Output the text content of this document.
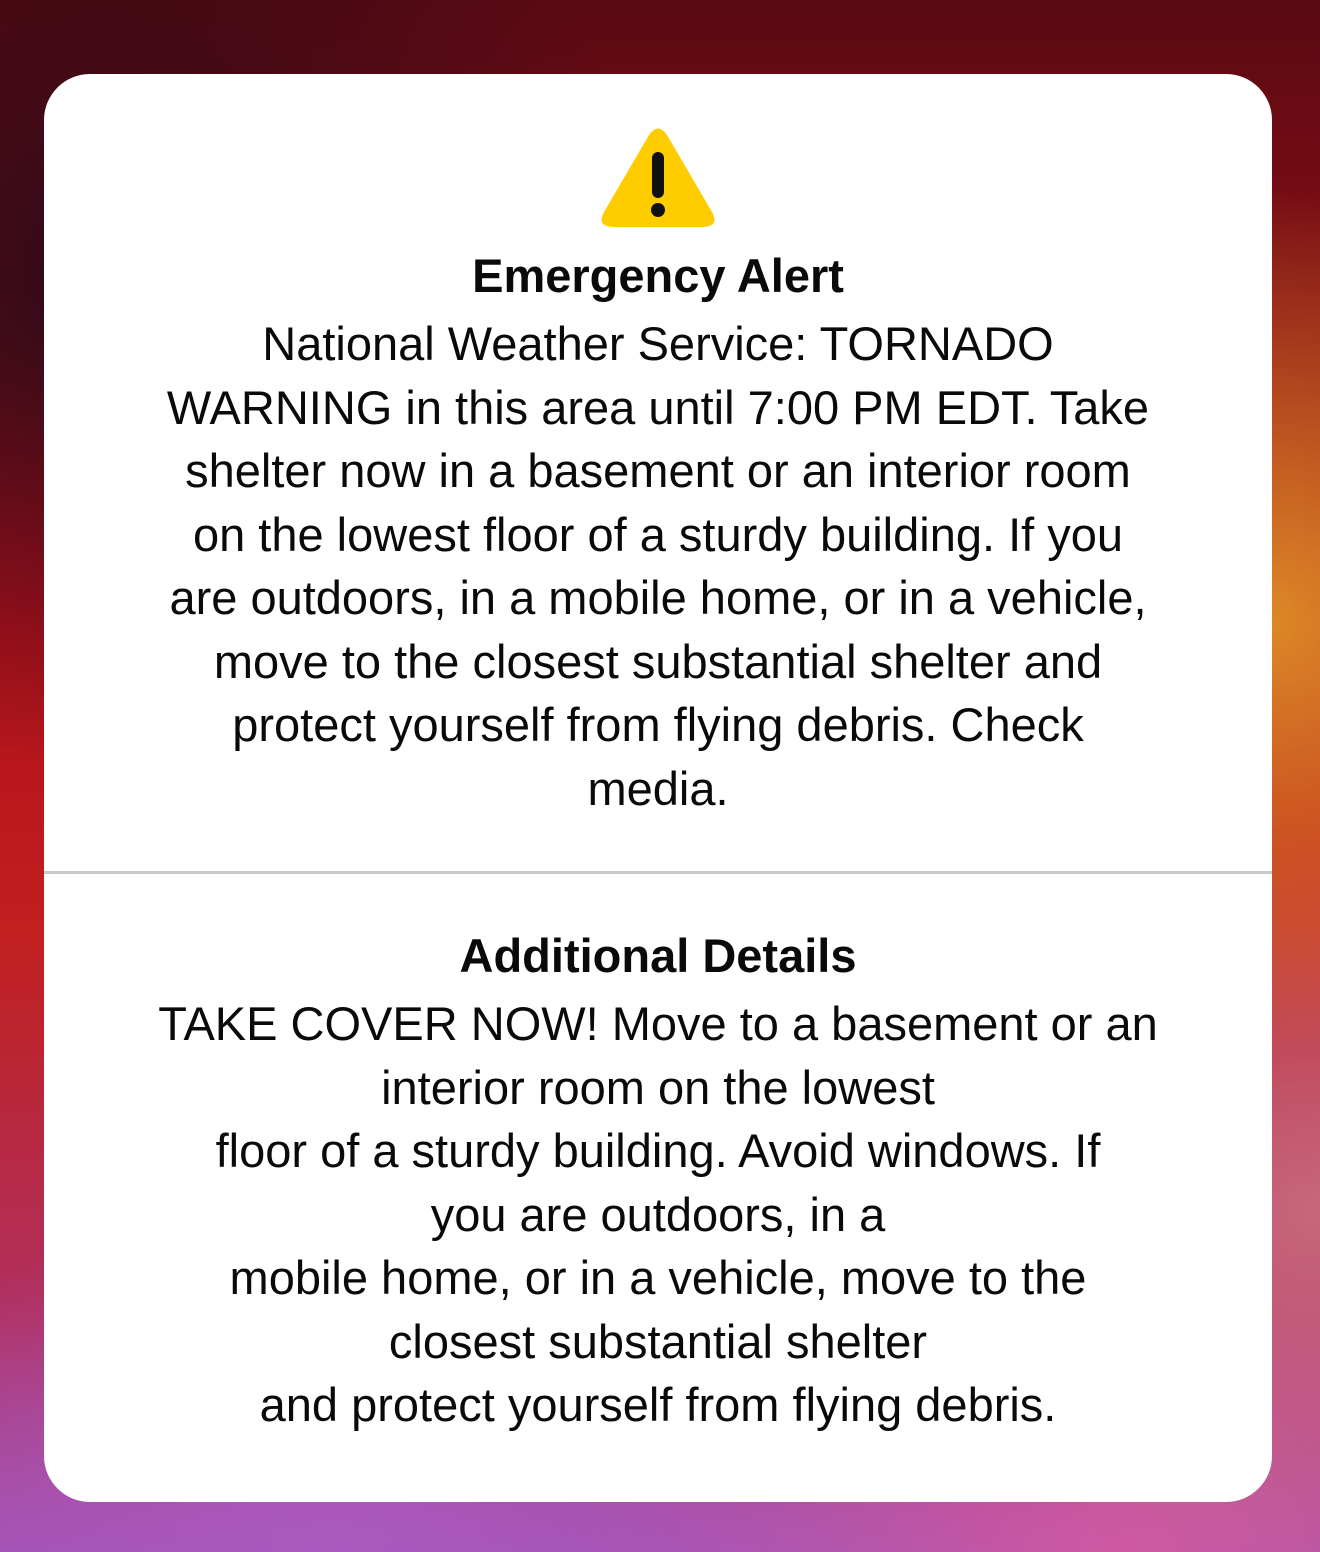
Emergency Alert
National Weather Service: TORNADO
WARNING in this area until 7:00 PM EDT. Take
shelter now in a basement or an interior room
on the lowest floor of a sturdy building. If you
are outdoors, in a mobile home, or in a vehicle,
move to the closest substantial shelter and
protect yourself from flying debris. Check
media.
Additional Details
TAKE COVER NOW! Move to a basement or an
interior room on the lowest
floor of a sturdy building. Avoid windows. If
you are outdoors, in a
mobile home, or in a vehicle, move to the
closest substantial shelter
and protect yourself from flying debris.
